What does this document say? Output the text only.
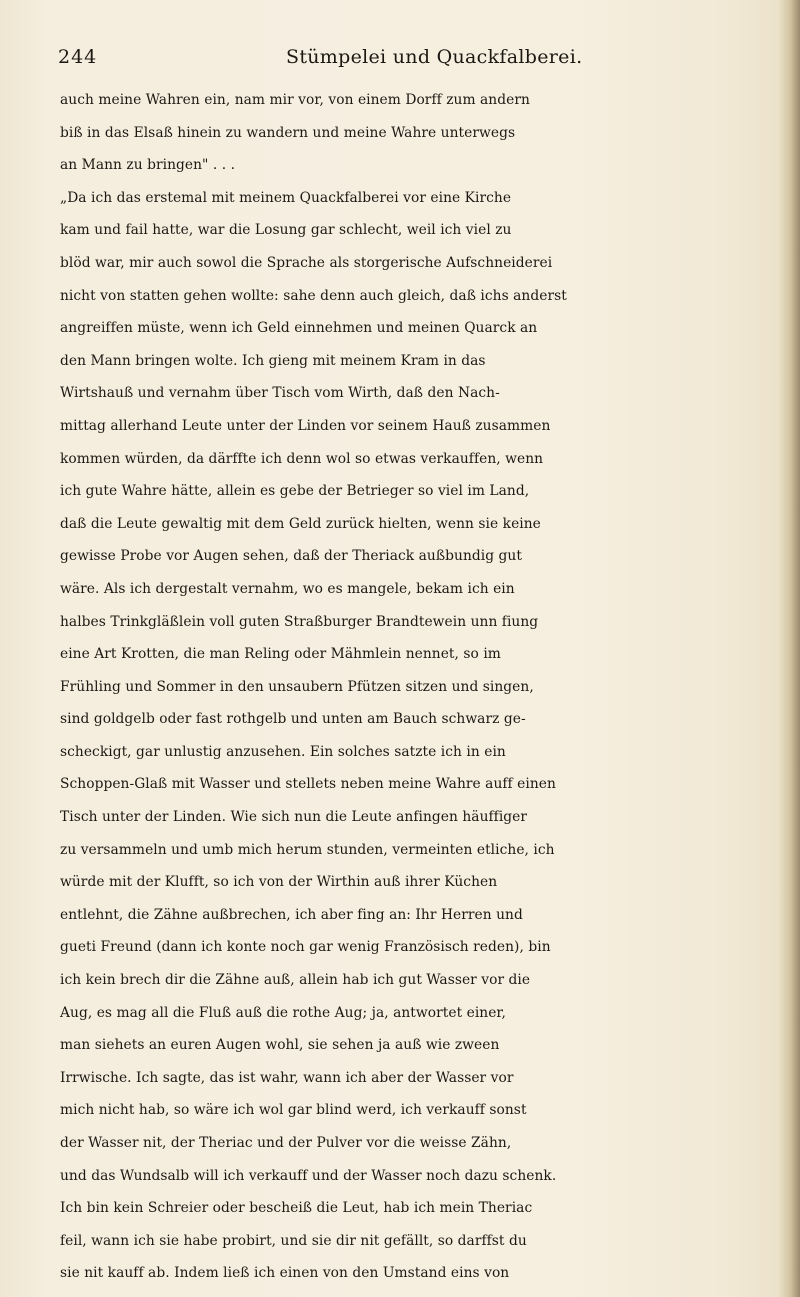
244	Stümpelei und Quackfalberei.
auch meine Wahren ein, nam mir vor, von einem Dorff zum andern
biß in das Elsaß hinein zu wandern und meine Wahre unterwegs
an Mann zu bringen" . . .
„Da ich das erstemal mit meinem Quackfalberei vor eine Kirche
kam und fail hatte, war die Losung gar schlecht, weil ich viel zu
blöd war, mir auch sowol die Sprache als storgerische Aufschneiderei
nicht von statten gehen wollte: sahe denn auch gleich, daß ichs anderst
angreiffen müste, wenn ich Geld einnehmen und meinen Quarck an
den Mann bringen wolte. Ich gieng mit meinem Kram in das
Wirtshauß und vernahm über Tisch vom Wirth, daß den Nach-
mittag allerhand Leute unter der Linden vor seinem Hauß zusammen
kommen würden, da därffte ich denn wol so etwas verkauffen, wenn
ich gute Wahre hätte, allein es gebe der Betrieger so viel im Land,
daß die Leute gewaltig mit dem Geld zurück hielten, wenn sie keine
gewisse Probe vor Augen sehen, daß der Theriack außbundig gut
wäre. Als ich dergestalt vernahm, wo es mangele, bekam ich ein
halbes Trinkgläßlein voll guten Straßburger Brandtewein unn fiung
eine Art Krotten, die man Reling oder Mähmlein nennet, so im
Frühling und Sommer in den unsaubern Pfützen sitzen und singen,
sind goldgelb oder fast rothgelb und unten am Bauch schwarz ge-
scheckigt, gar unlustig anzusehen. Ein solches satzte ich in ein
Schoppen-Glaß mit Wasser und stellets neben meine Wahre auff einen
Tisch unter der Linden. Wie sich nun die Leute anfingen häuffiger
zu versammeln und umb mich herum stunden, vermeinten etliche, ich
würde mit der Klufft, so ich von der Wirthin auß ihrer Küchen
entlehnt, die Zähne außbrechen, ich aber fing an: Ihr Herren und
gueti Freund (dann ich konte noch gar wenig Französisch reden), bin
ich kein brech dir die Zähne auß, allein hab ich gut Wasser vor die
Aug, es mag all die Fluß auß die rothe Aug; ja, antwortet einer,
man siehets an euren Augen wohl, sie sehen ja auß wie zween
Irrwische. Ich sagte, das ist wahr, wann ich aber der Wasser vor
mich nicht hab, so wäre ich wol gar blind werd, ich verkauff sonst
der Wasser nit, der Theriac und der Pulver vor die weisse Zähn,
und das Wundsalb will ich verkauff und der Wasser noch dazu schenk.
Ich bin kein Schreier oder bescheiß die Leut, hab ich mein Theriac
feil, wann ich sie habe probirt, und sie dir nit gefällt, so darffst du
sie nit kauff ab. Indem ließ ich einen von den Umstand eins von
